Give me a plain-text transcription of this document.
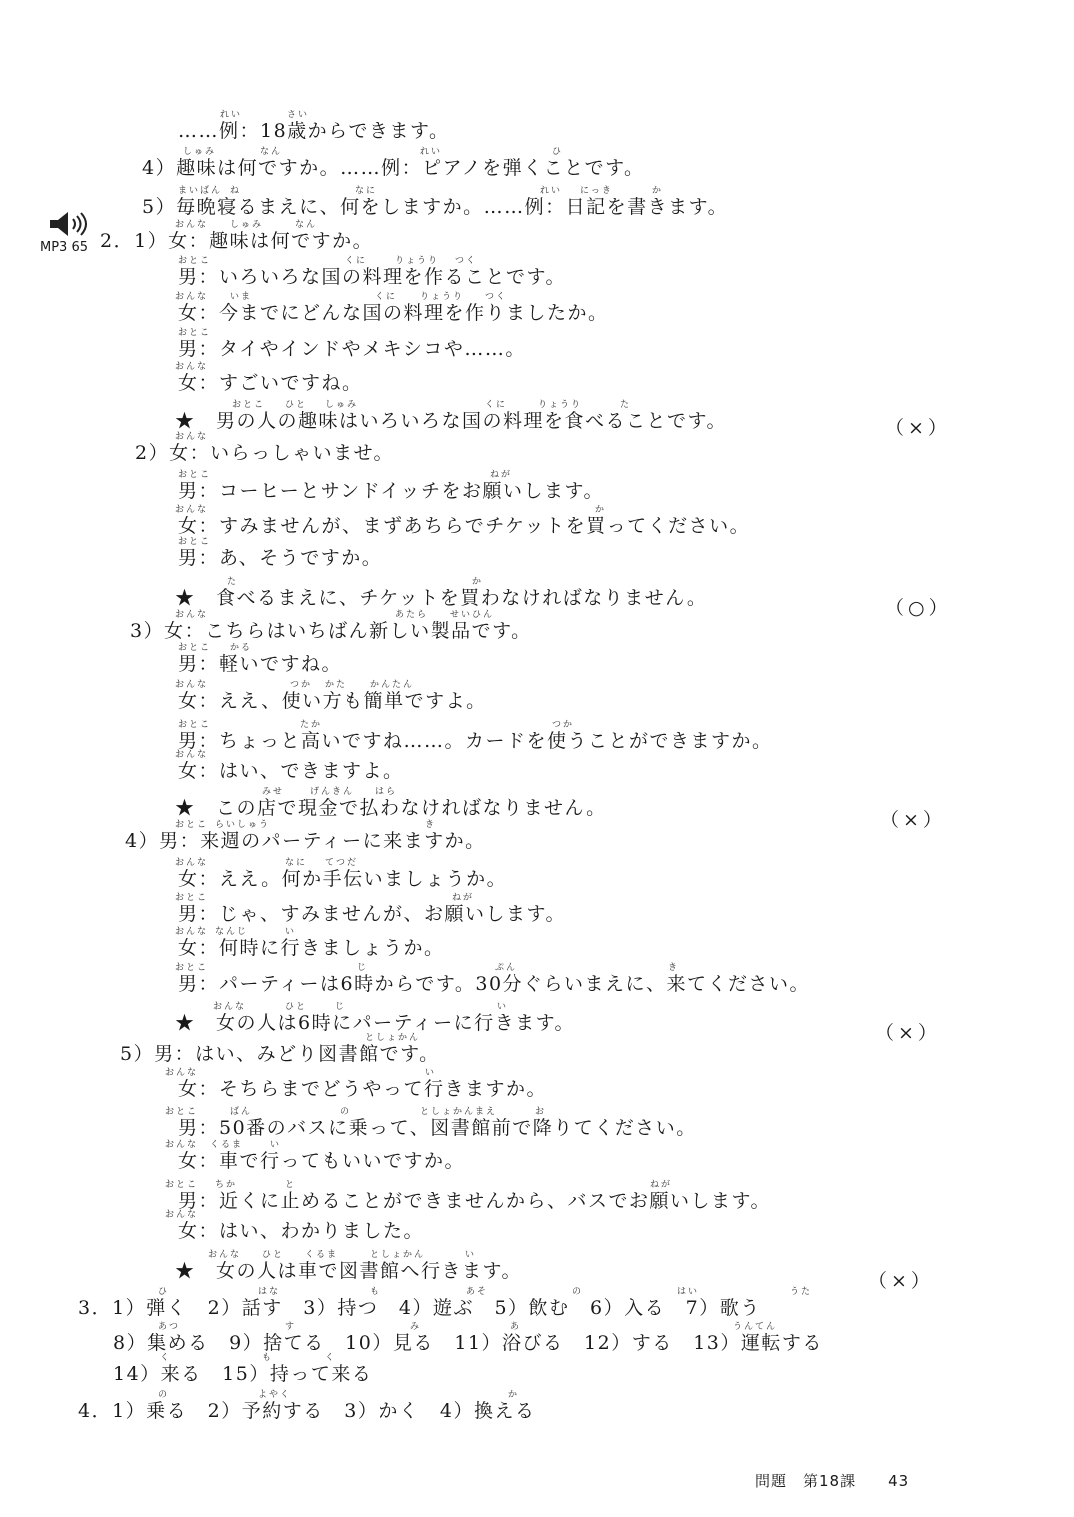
……例：18歳からできます。
れい	さい
4）趣味は何ですか。……例：ピアノを弾くことです。
しゅみ	なん	れい	ひ
5）毎晩寝るまえに、何をしますか。……例：日記を書きます。
まいばん ね	なに	れい にっき	か
2．1）女：趣味は何ですか。
おんな しゅみ	なん
男：いろいろな国の料理を作ることです。
おとこ	くに	りょうり つく
女：今までにどんな国の料理を作りましたか。
おんな いま	くに	りょうり つく
男：タイやインドやメキシコや……。
おとこ
女：すごいですね。
おんな
★　男の人の趣味はいろいろな国の料理を食べることです。
おとこ ひと しゅみ	くに	りょうり	た
2）女：いらっしゃいませ。
おんな
男：コーヒーとサンドイッチをお願いします。
おとこ	ねが
女：すみませんが、まずあちらでチケットを買ってください。
おんな	か
男：あ、そうですか。
おとこ
★　食べるまえに、チケットを買わなければなりません。
た	か
3）女：こちらはいちばん新しい製品です。
おんな	あたら せいひん
男：軽いですね。
おとこ かる
女：ええ、使い方も簡単ですよ。
おんな	つか かた	かんたん
男：ちょっと高いですね……。カードを使うことができますか。
おとこ	たか	つか
女：はい、できますよ。
おんな
★　この店で現金で払わなければなりません。
みせ	げんきん はら
4）男：来週のパーティーに来ますか。
おとこ らいしゅう	き
女：ええ。何か手伝いましょうか。
おんな	なに てつだ
男：じゃ、すみませんが、お願いします。
おとこ	ねが
女：何時に行きましょうか。
おんな なんじ	い
男：パーティーは6時からです。30分ぐらいまえに、来てください。
おとこ	じ	ぷん	き
★　女の人は6時にパーティーに行きます。
おんな	ひと	じ	い
5）男：はい、みどり図書館です。
としょかん
女：そちらまでどうやって行きますか。
おんな	い
男：50番のバスに乗って、図書館前で降りてください。
おとこ	ばん	の	としょかんまえ	お
女：車で行ってもいいですか。
おんな くるま	い
男：近くに止めることができませんから、バスでお願いします。
おとこ ちか	と	ねが
女：はい、わかりました。
おんな
★　女の人は車で図書館へ行きます。
おんな ひと くるま	としょかん	い
3．1）弾く　2）話す　3）持つ　4）遊ぶ　5）飲む　6）入る　7）歌う
ひ	はな	も	あそ	の	はい	うた
8）集める　9）捨てる　10）見る　11）浴びる　12）する　13）運転する
あつ	す	み	あ	うんてん
14）来る　15）持って来る
く	も	く
4．1）乗る　2）予約する　3）かく　4）換える
の	よやく	か
（×）
（○）
（×）
（×）
（×）
MP3 65
問題　第18課 43
